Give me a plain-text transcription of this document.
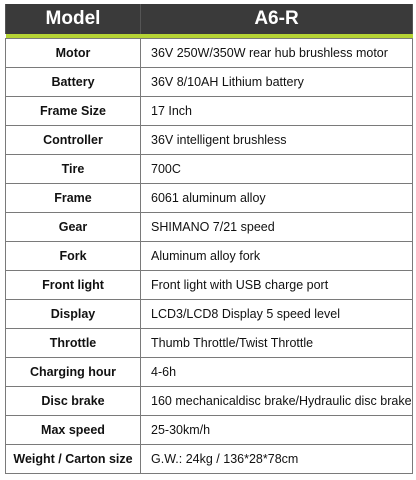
Model	A6-R

Motor	36V 250W/350W rear hub brushless motor
Battery	36V 8/10AH Lithium battery
Frame Size	17 Inch
Controller	36V intelligent brushless
Tire	700C
Frame	6061 aluminum alloy
Gear	SHIMANO 7/21 speed
Fork	Aluminum alloy fork
Front light	Front light with USB charge port
Display	LCD3/LCD8 Display 5 speed level
Throttle	Thumb Throttle/Twist Throttle
Charging hour	4-6h
Disc brake	160 mechanicaldisc brake/Hydraulic disc brake
Max speed	25-30km/h
Weight / Carton size	G.W.: 24kg / 136*28*78cm
